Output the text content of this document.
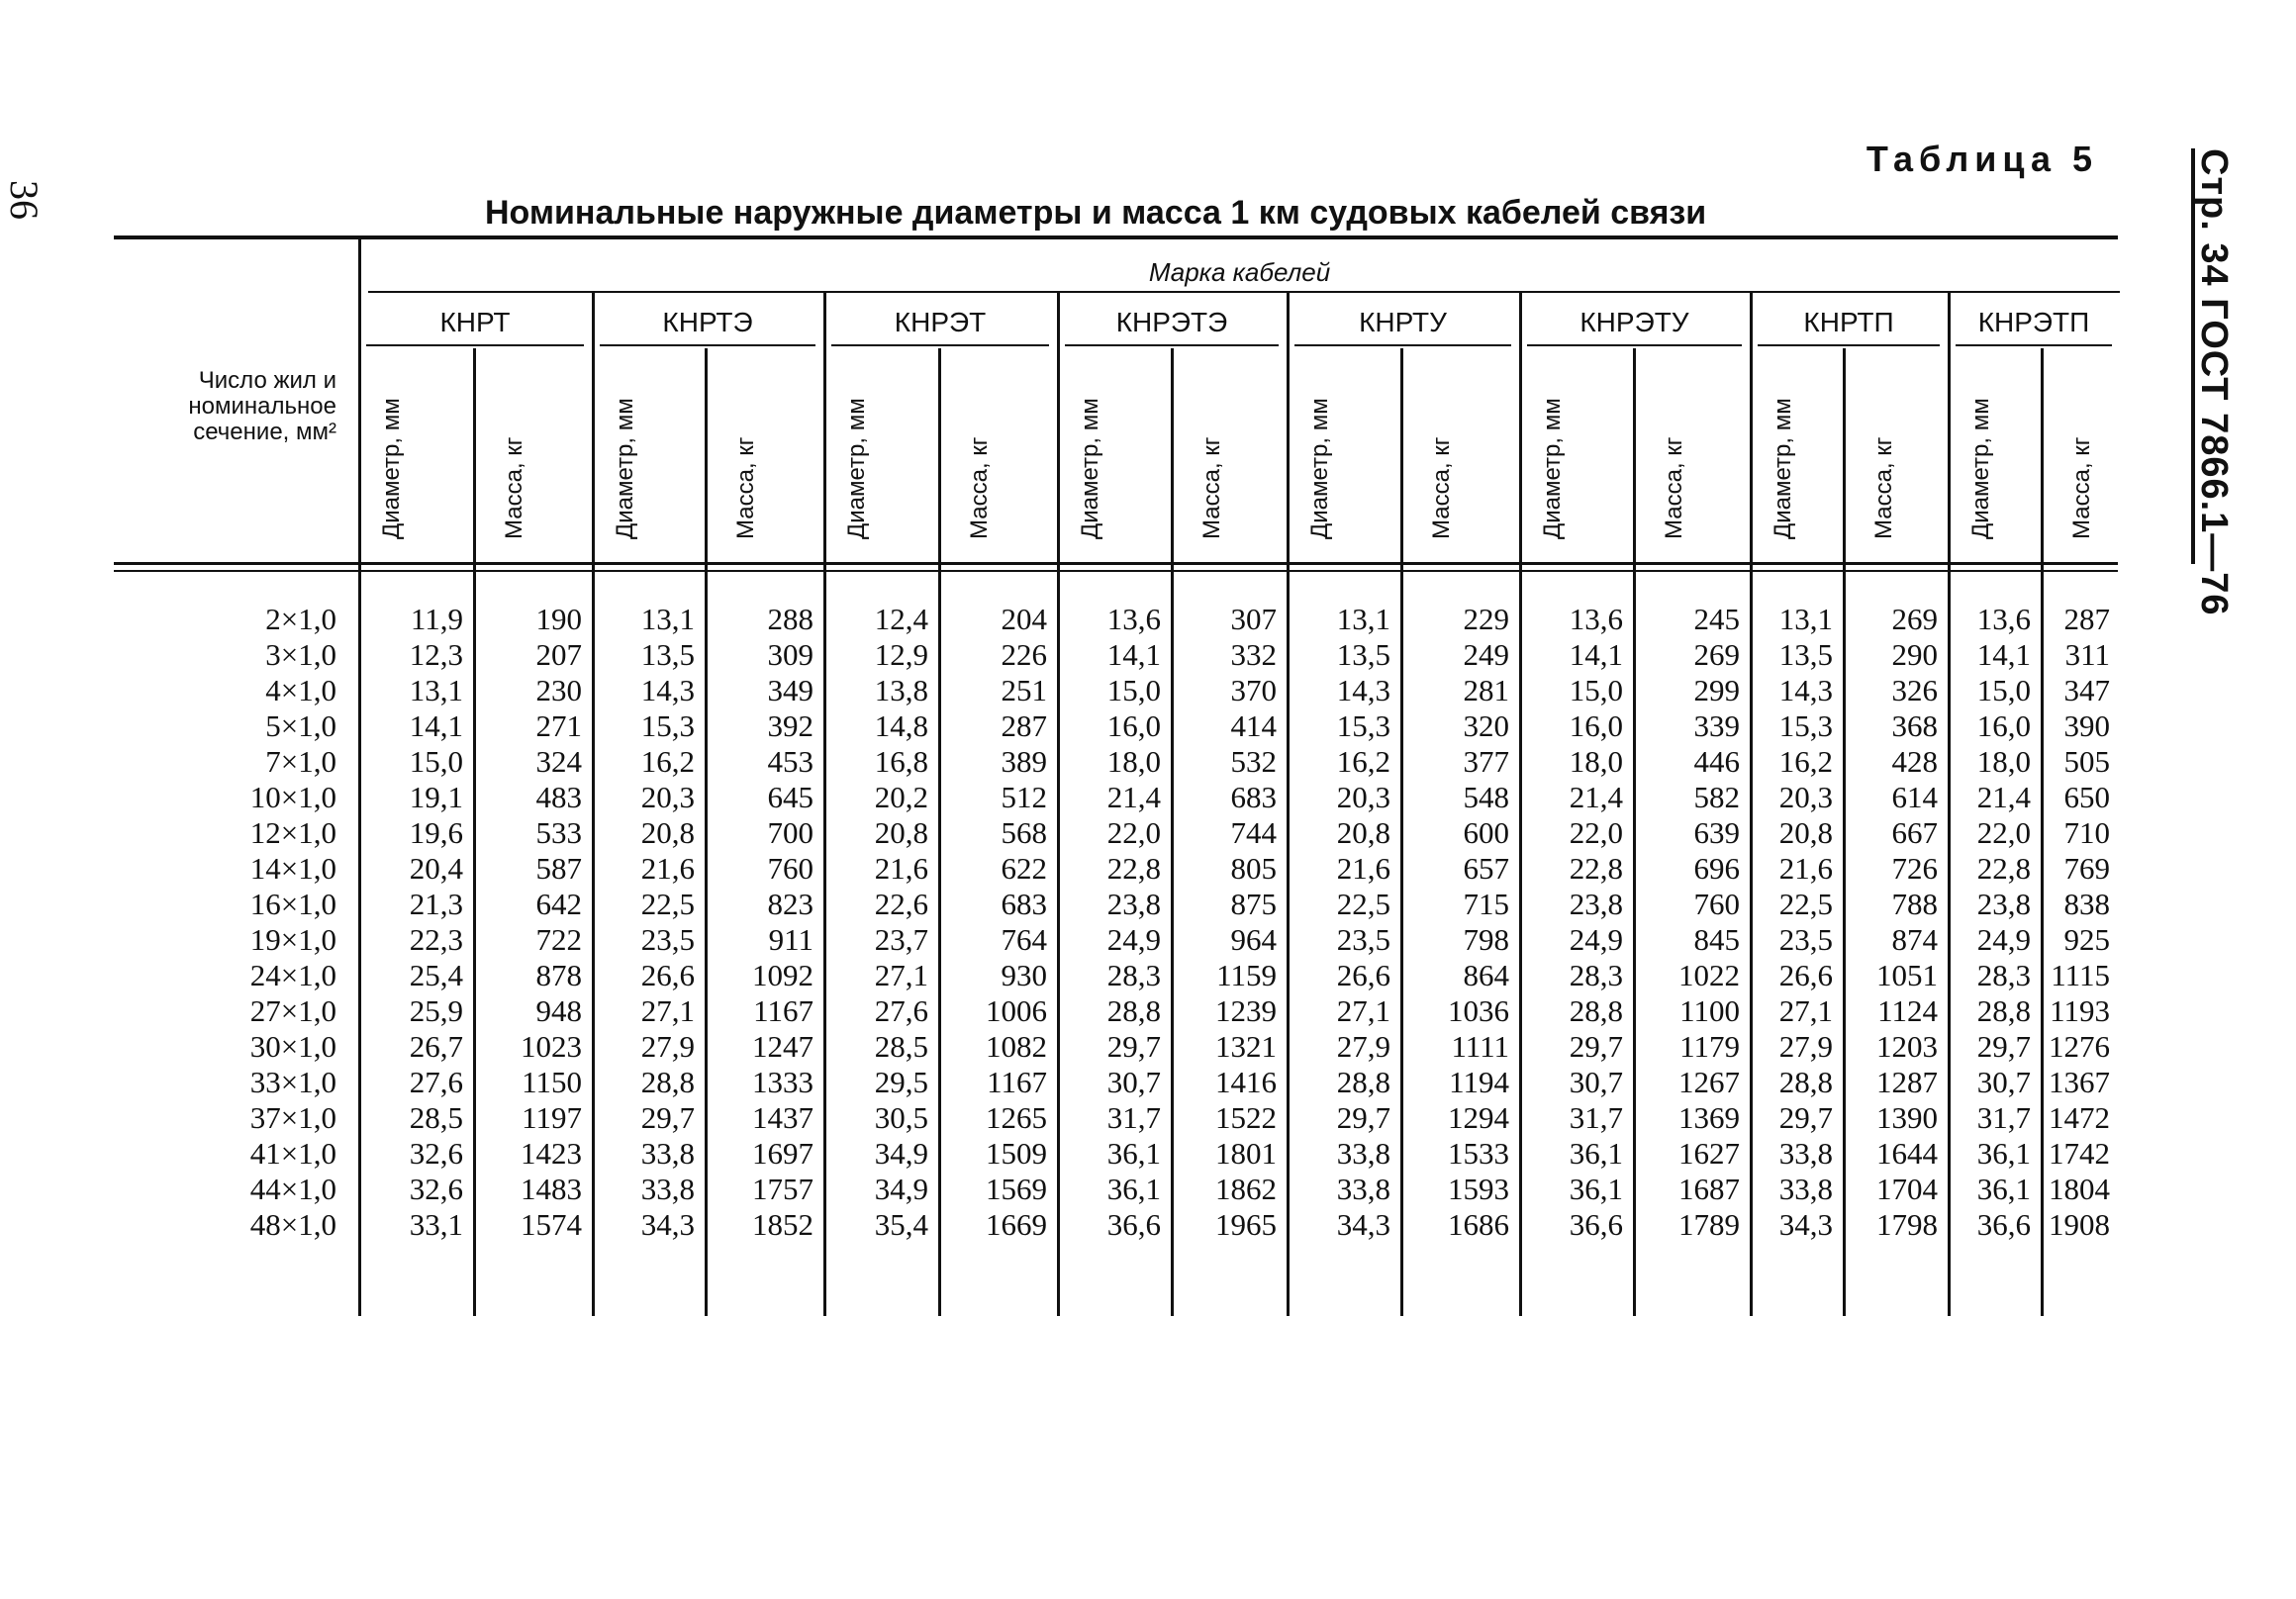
36	Стр. 34 ГОСТ 7866.1—76
Таблица 5
Номинальные наружные диаметры и масса 1 км судовых кабелей связи
Число жил и номинальное сечение, мм²
Марка кабелей
КНРТ
Диаметр, мм	Масса, кг
КНРТЭ
Диаметр, мм	Масса, кг
КНРЭТ
Диаметр, мм	Масса, кг
КНРЭТЭ
Диаметр, мм	Масса, кг
КНРТУ
Диаметр, мм	Масса, кг
КНРЭТУ
Диаметр, мм	Масса, кг
КНРТП
Диаметр, мм	Масса, кг
КНРЭТП
Диаметр, мм	Масса, кг
2×1,0	11,9	190	13,1	288	12,4	204	13,6	307	13,1	229	13,6	245	13,1	269	13,6	287
3×1,0	12,3	207	13,5	309	12,9	226	14,1	332	13,5	249	14,1	269	13,5	290	14,1	311
4×1,0	13,1	230	14,3	349	13,8	251	15,0	370	14,3	281	15,0	299	14,3	326	15,0	347
5×1,0	14,1	271	15,3	392	14,8	287	16,0	414	15,3	320	16,0	339	15,3	368	16,0	390
7×1,0	15,0	324	16,2	453	16,8	389	18,0	532	16,2	377	18,0	446	16,2	428	18,0	505
10×1,0	19,1	483	20,3	645	20,2	512	21,4	683	20,3	548	21,4	582	20,3	614	21,4	650
12×1,0	19,6	533	20,8	700	20,8	568	22,0	744	20,8	600	22,0	639	20,8	667	22,0	710
14×1,0	20,4	587	21,6	760	21,6	622	22,8	805	21,6	657	22,8	696	21,6	726	22,8	769
16×1,0	21,3	642	22,5	823	22,6	683	23,8	875	22,5	715	23,8	760	22,5	788	23,8	838
19×1,0	22,3	722	23,5	911	23,7	764	24,9	964	23,5	798	24,9	845	23,5	874	24,9	925
24×1,0	25,4	878	26,6	1092	27,1	930	28,3	1159	26,6	864	28,3	1022	26,6	1051	28,3 1115
27×1,0	25,9	948	27,1	1167	27,6	1006	28,8	1239	27,1	1036	28,8	1100	27,1	1124	28,8 1193
30×1,0	26,7	1023	27,9	1247	28,5	1082	29,7	1321	27,9	1111	29,7	1179	27,9	1203	29,7 1276
33×1,0	27,6	1150	28,8	1333	29,5	1167	30,7	1416	28,8	1194	30,7	1267	28,8	1287	30,7 1367
37×1,0	28,5	1197	29,7	1437	30,5	1265	31,7	1522	29,7	1294	31,7	1369	29,7	1390	31,7 1472
41×1,0	32,6	1423	33,8	1697	34,9	1509	36,1	1801	33,8	1533	36,1	1627	33,8	1644	36,1 1742
44×1,0	32,6	1483	33,8	1757	34,9	1569	36,1	1862	33,8	1593	36,1	1687	33,8	1704	36,1 1804
48×1,0	33,1	1574	34,3	1852	35,4	1669	36,6	1965	34,3	1686	36,6	1789	34,3	1798	36,6 1908
